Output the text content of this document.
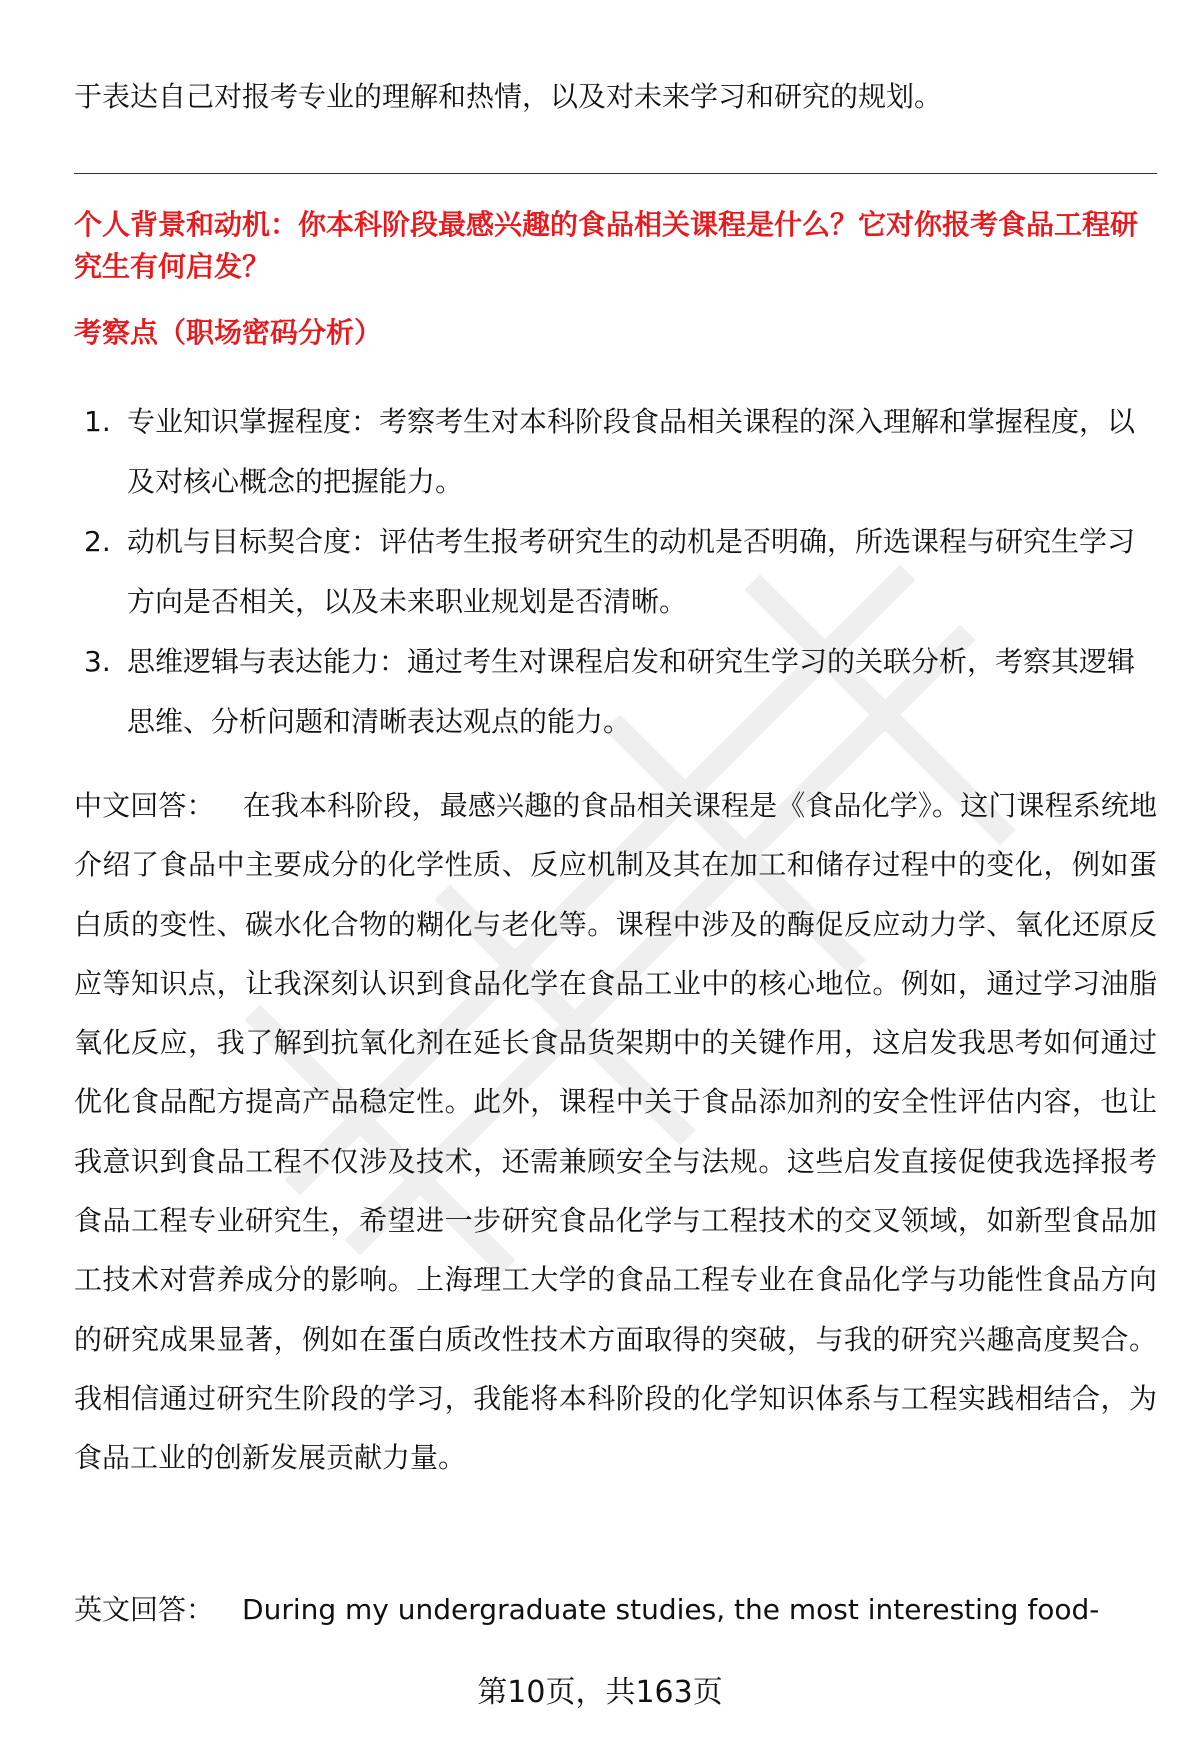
于表达自己对报考专业的理解和热情，以及对未来学习和研究的规划。
个人背景和动机：你本科阶段最感兴趣的食品相关课程是什么？它对你报考食品工程研究生有何启发？
考察点（职场密码分析）
1. 专业知识掌握程度：考察考生对本科阶段食品相关课程的深入理解和掌握程度，以及对核心概念的把握能力。
2. 动机与目标契合度：评估考生报考研究生的动机是否明确，所选课程与研究生学习方向是否相关，以及未来职业规划是否清晰。
3. 思维逻辑与表达能力：通过考生对课程启发和研究生学习的关联分析，考察其逻辑思维、分析问题和清晰表达观点的能力。
中文回答： 在我本科阶段，最感兴趣的食品相关课程是《食品化学》。这门课程系统地介绍了食品中主要成分的化学性质、反应机制及其在加工和储存过程中的变化，例如蛋白质的变性、碳水化合物的糊化与老化等。课程中涉及的酶促反应动力学、氧化还原反应等知识点，让我深刻认识到食品化学在食品工业中的核心地位。例如，通过学习油脂氧化反应，我了解到抗氧化剂在延长食品货架期中的关键作用，这启发我思考如何通过优化食品配方提高产品稳定性。此外，课程中关于食品添加剂的安全性评估内容，也让我意识到食品工程不仅涉及技术，还需兼顾安全与法规。这些启发直接促使我选择报考食品工程专业研究生，希望进一步研究食品化学与工程技术的交叉领域，如新型食品加工技术对营养成分的影响。上海理工大学的食品工程专业在食品化学与功能性食品方向的研究成果显著，例如在蛋白质改性技术方面取得的突破，与我的研究兴趣高度契合。我相信通过研究生阶段的学习，我能将本科阶段的化学知识体系与工程实践相结合，为食品工业的创新发展贡献力量。
英文回答： During my undergraduate studies, the most interesting food-
第10页，共163页
